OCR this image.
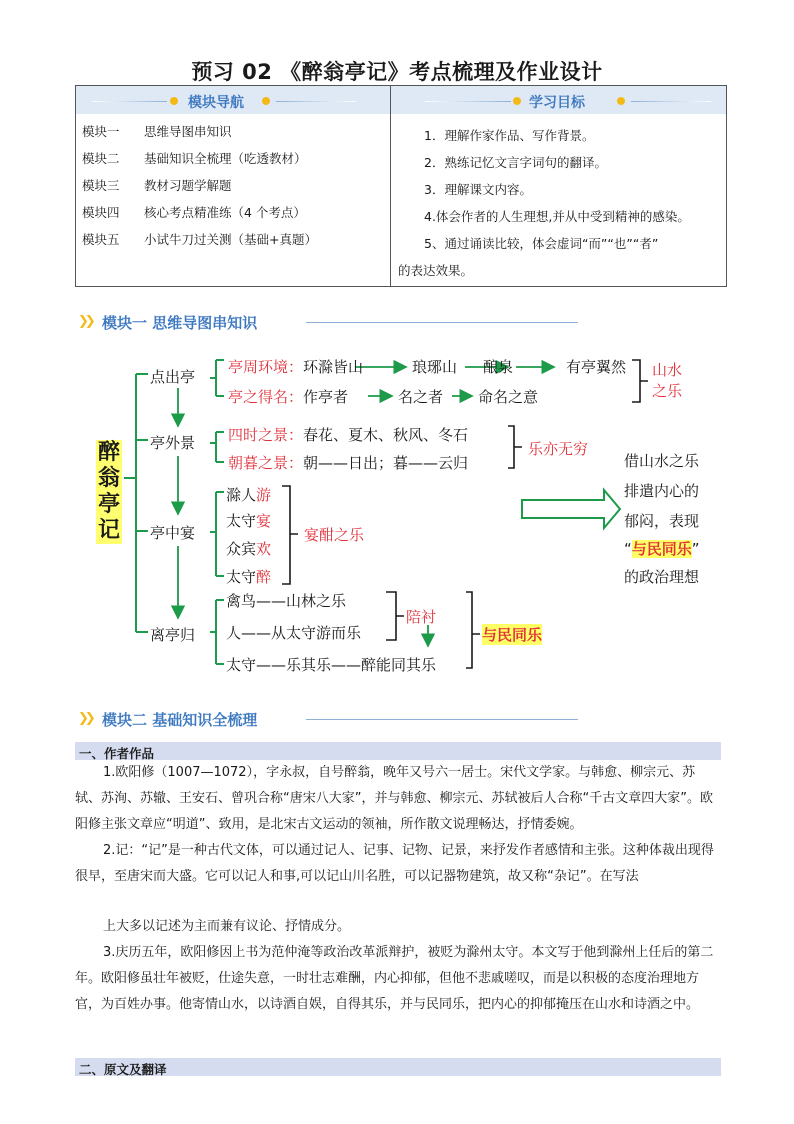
预习 02 《醉翁亭记》考点梳理及作业设计
模块导航	学习目标
模块一 思维导图串知识
模块二 基础知识全梳理（吃透教材）
模块三 教材习题学解题
模块四 核心考点精准练（4 个考点）
模块五 小试牛刀过关测（基础+真题）
1．理解作家作品、写作背景。
2．熟练记忆文言字词句的翻译。
3．理解课文内容。
4.体会作者的人生理想,并从中受到精神的感染。
5、通过诵读比较，体会虚词“而”“也”“者”
的表达效果。
❯❯ 模块一 思维导图串知识
醉
翁
亭
记
点出亭
亭外景
亭中宴
离亭归
亭周环境：环滁皆山	琅琊山 酿泉	有亭翼然
亭之得名：作亭者	名之者 命名之意
山水
之乐
四时之景：春花、夏木、秋风、冬石
朝暮之景：朝——日出；暮——云归
乐亦无穷
滁人游
太守宴
众宾欢
太守醉
宴酣之乐
禽鸟——山林之乐
人——从太守游而乐
太守——乐其乐——醉能同其乐
陪衬
与民同乐
借山水之乐
排遣内心的
郁闷，表现
“与民同乐”
的政治理想
❯❯ 模块二 基础知识全梳理
一、作者作品
1.欧阳修（1007—1072），字永叔，自号醉翁，晚年又号六一居士。宋代文学家。与韩愈、柳宗元、苏轼、苏洵、苏辙、王安石、曾巩合称“唐宋八大家”，并与韩愈、柳宗元、苏轼被后人合称“千古文章四大家”。欧阳修主张文章应“明道”、致用，是北宋古文运动的领袖，所作散文说理畅达，抒情委婉。
2.记：“记”是一种古代文体，可以通过记人、记事、记物、记景，来抒发作者感情和主张。这种体裁出现得很早，至唐宋而大盛。它可以记人和事,可以记山川名胜，可以记器物建筑，故又称“杂记”。在写法
上大多以记述为主而兼有议论、抒情成分。
3.庆历五年，欧阳修因上书为范仲淹等政治改革派辩护，被贬为滁州太守。本文写于他到滁州上任后的第二年。欧阳修虽壮年被贬，仕途失意，一时壮志难酬，内心抑郁，但他不悲戚嗟叹，而是以积极的态度治理地方官，为百姓办事。他寄情山水，以诗酒自娱，自得其乐，并与民同乐，把内心的抑郁掩压在山水和诗酒之中。
二、原文及翻译
